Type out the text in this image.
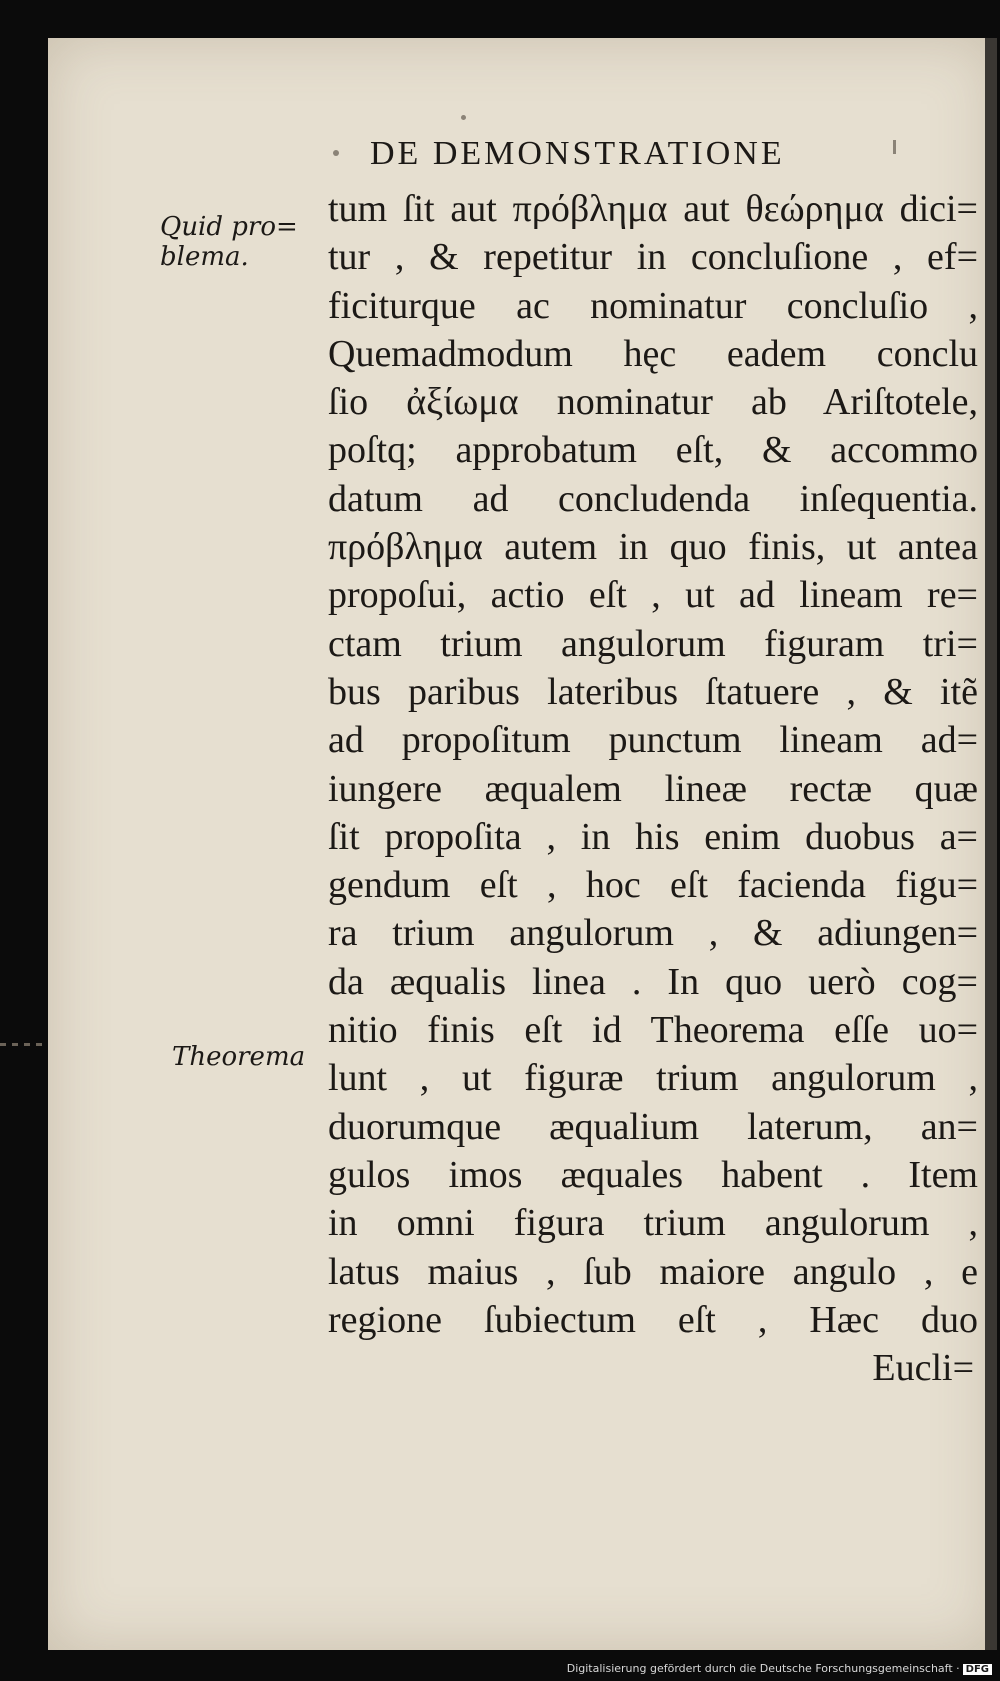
DE DEMONSTRATIONE
Quid pro=
blema.
Theorema
tum ſit aut πρόβλημα aut θεώρημα dici=
tur , & repetitur in concluſione , ef=
ficiturque ac nominatur concluſio ,
Quemadmodum hęc eadem conclu
ſio ἀξίωμα nominatur ab Ariſtotele,
poſtq; approbatum eſt, & accommo
datum ad concludenda inſequentia.
πρόβλημα autem in quo finis, ut antea
propoſui, actio eſt , ut ad lineam re=
ctam trium angulorum figuram tri=
bus paribus lateribus ſtatuere , & itẽ
ad propoſitum punctum lineam ad=
iungere æqualem lineæ rectæ quæ
ſit propoſita , in his enim duobus a=
gendum eſt , hoc eſt facienda figu=
ra trium angulorum , & adiungen=
da æqualis linea . In quo uerò cog=
nitio finis eſt id Theorema eſſe uo=
lunt , ut figuræ trium angulorum ,
duorumque æqualium laterum, an=
gulos imos æquales habent . Item
in omni figura trium angulorum ,
latus maius , ſub maiore angulo , e
regione ſubiectum eſt , Hæc duo
Eucli=
Digitalisierung gefördert durch die Deutsche Forschungsgemeinschaft · DFG
